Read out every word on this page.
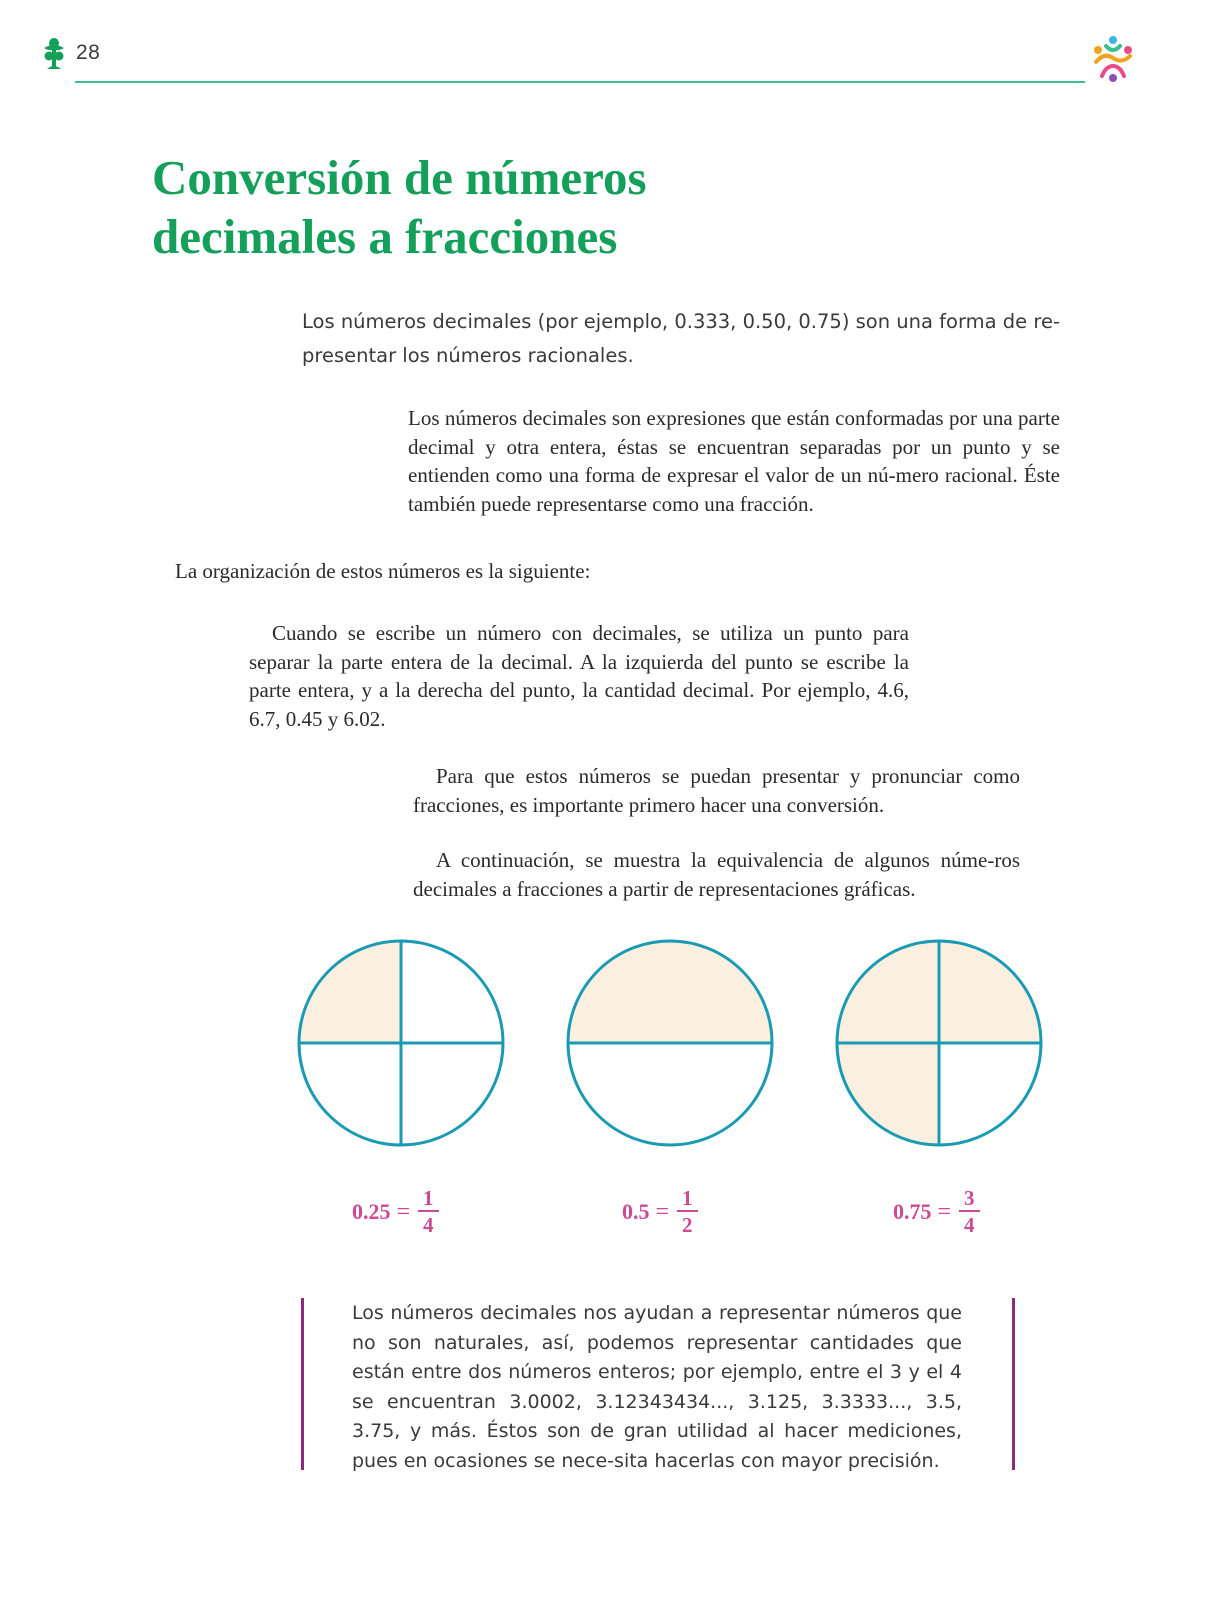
28
Conversión de números
decimales a fracciones

Los números decimales (por ejemplo, 0.333, 0.50, 0.75) son una forma de re-presentar los números racionales.

Los números decimales son expresiones que están conformadas por una parte decimal y otra entera, éstas se encuentran separadas por un punto y se entienden como una forma de expresar el valor de un nú-mero racional. Éste también puede representarse como una fracción.

La organización de estos números es la siguiente:

Cuando se escribe un número con decimales, se utiliza un punto para separar la parte entera de la decimal. A la izquierda del punto se escribe la parte entera, y a la derecha del punto, la cantidad decimal. Por ejemplo, 4.6, 6.7, 0.45 y 6.02.

Para que estos números se puedan presentar y pronunciar como fracciones, es importante primero hacer una conversión.

A continuación, se muestra la equivalencia de algunos núme-ros decimales a fracciones a partir de representaciones gráficas.

$0.25 = \frac{1}{4}$	$0.5 = \frac{1}{2}$	$0.75 = \frac{3}{4}$

Los números decimales nos ayudan a representar números que no son naturales, así, podemos representar cantidades que están entre dos números enteros; por ejemplo, entre el 3 y el 4 se encuentran 3.0002, 3.12343434..., 3.125, 3.3333..., 3.5, 3.75, y más. Éstos son de gran utilidad al hacer mediciones, pues en ocasiones se nece-sita hacerlas con mayor precisión.
